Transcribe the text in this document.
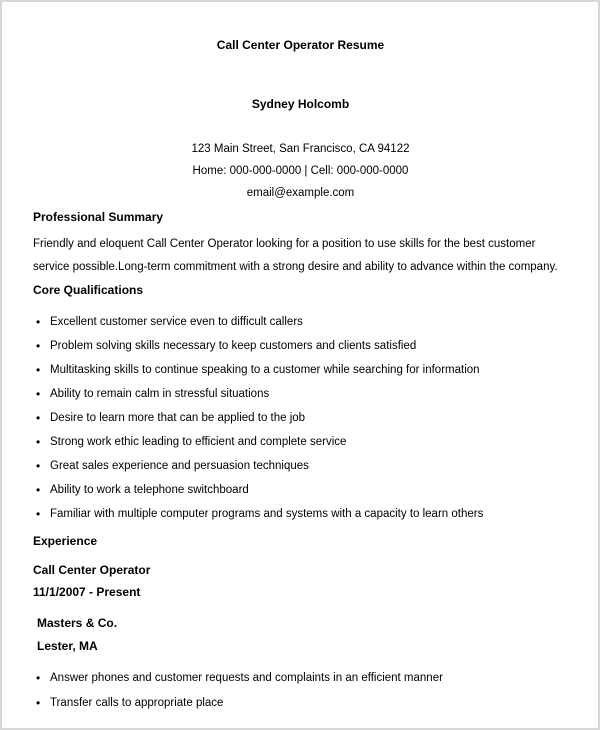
Call Center Operator Resume
Sydney Holcomb
123 Main Street, San Francisco, CA 94122
Home: 000-000-0000 | Cell: 000-000-0000
email@example.com
Professional Summary
Friendly and eloquent Call Center Operator looking for a position to use skills for the best customer service possible.Long-term commitment with a strong desire and ability to advance within the company.
Core Qualifications
• Excellent customer service even to difficult callers
• Problem solving skills necessary to keep customers and clients satisfied
• Multitasking skills to continue speaking to a customer while searching for information
• Ability to remain calm in stressful situations
• Desire to learn more that can be applied to the job
• Strong work ethic leading to efficient and complete service
• Great sales experience and persuasion techniques
• Ability to work a telephone switchboard
• Familiar with multiple computer programs and systems with a capacity to learn others
Experience
Call Center Operator
11/1/2007 - Present
Masters & Co.
Lester, MA
• Answer phones and customer requests and complaints in an efficient manner
• Transfer calls to appropriate place
